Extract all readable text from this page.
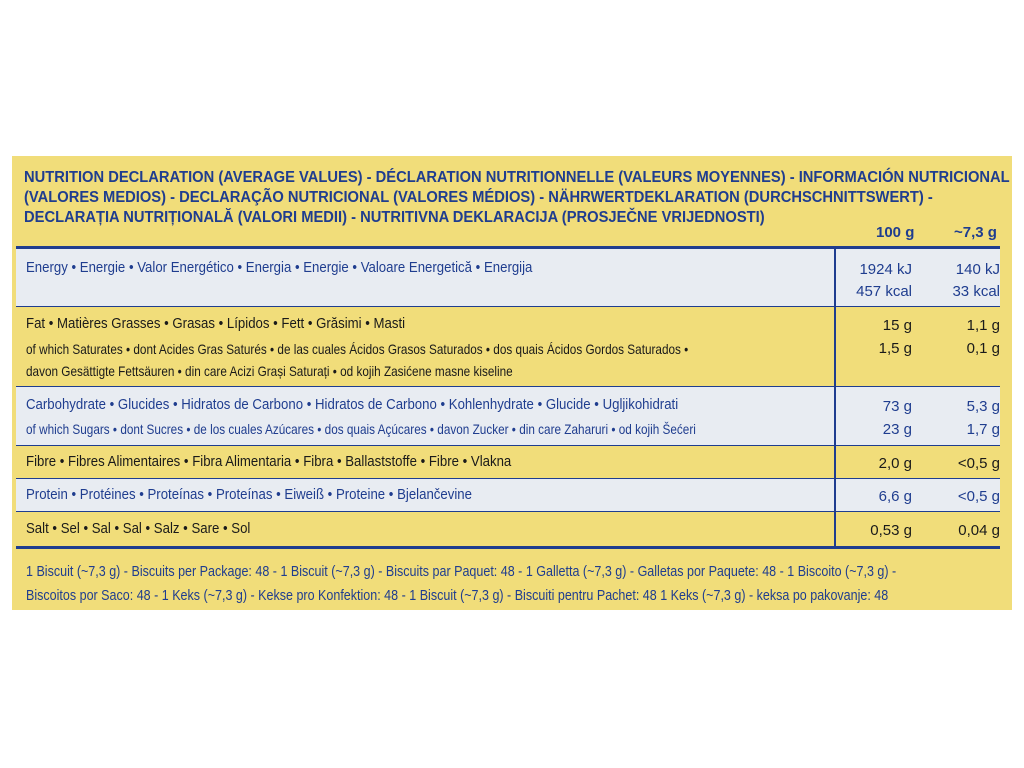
NUTRITION DECLARATION (AVERAGE VALUES) - DÉCLARATION NUTRITIONNELLE (VALEURS MOYENNES) - INFORMACIÓN NUTRICIONAL
(VALORES MEDIOS) - DECLARAÇÃO NUTRICIONAL (VALORES MÉDIOS) - NÄHRWERTDEKLARATION (DURCHSCHNITTSWERT) -
DECLARAȚIA NUTRIȚIONALĂ (VALORI MEDII) - NUTRITIVNA DEKLARACIJA (PROSJEČNE VRIJEDNOSTI)
100 g	~7,3 g
Energy • Energie • Valor Energético • Energia • Energie • Valoare Energetică • Energija	1924 kJ	140 kJ
457 kcal	33 kcal
Fat • Matières Grasses • Grasas • Lípidos • Fett • Grăsimi • Masti	15 g	1,1 g
of which Saturates • dont Acides Gras Saturés • de las cuales Ácidos Grasos Saturados • dos quais Ácidos Gordos Saturados •
davon Gesättigte Fettsäuren • din care Acizi Grași Saturați • od kojih Zasićene masne kiseline
1,5 g	0,1 g
Carbohydrate • Glucides • Hidratos de Carbono • Hidratos de Carbono • Kohlenhydrate • Glucide • Ugljikohidrati	73 g	5,3 g
of which Sugars • dont Sucres • de los cuales Azúcares • dos quais Açúcares • davon Zucker • din care Zaharuri • od kojih Šećeri	23 g	1,7 g
Fibre • Fibres Alimentaires • Fibra Alimentaria • Fibra • Ballaststoffe • Fibre • Vlakna	2,0 g	<0,5 g
Protein • Protéines • Proteínas • Proteínas • Eiweiß • Proteine • Bjelančevine	6,6 g	<0,5 g
Salt • Sel • Sal • Sal • Salz • Sare • Sol	0,53 g	0,04 g
1 Biscuit (~7,3 g) - Biscuits per Package: 48 - 1 Biscuit (~7,3 g) - Biscuits par Paquet: 48 - 1 Galletta (~7,3 g) - Galletas por Paquete: 48 - 1 Biscoito (~7,3 g) -
Biscoitos por Saco: 48 - 1 Keks (~7,3 g) - Kekse pro Konfektion: 48 - 1 Biscuit (~7,3 g) - Biscuiti pentru Pachet: 48 1 Keks (~7,3 g) - keksa po pakovanje: 48
